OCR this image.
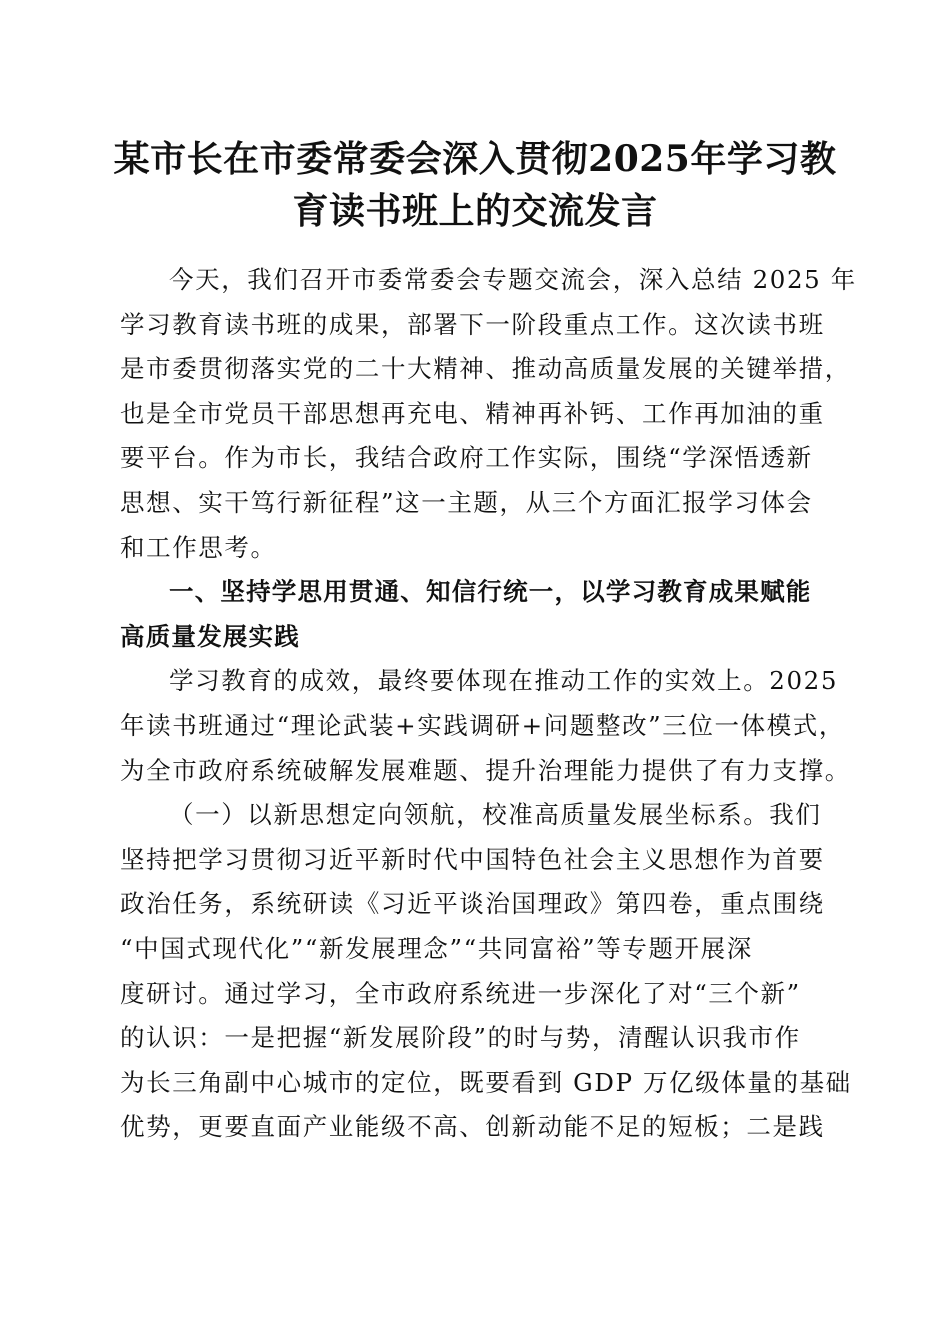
某市长在市委常委会深入贯彻2025年学习教
育读书班上的交流发言
今天，我们召开市委常委会专题交流会，深入总结 2025 年
学习教育读书班的成果，部署下一阶段重点工作。这次读书班
是市委贯彻落实党的二十大精神、推动高质量发展的关键举措，
也是全市党员干部思想再充电、精神再补钙、工作再加油的重
要平台。作为市长，我结合政府工作实际，围绕“学深悟透新
思想、实干笃行新征程”这一主题，从三个方面汇报学习体会
和工作思考。
一、坚持学思用贯通、知信行统一，以学习教育成果赋能
高质量发展实践
学习教育的成效，最终要体现在推动工作的实效上。2025
年读书班通过“理论武装+实践调研+问题整改”三位一体模式，
为全市政府系统破解发展难题、提升治理能力提供了有力支撑。
（一）以新思想定向领航，校准高质量发展坐标系。我们
坚持把学习贯彻习近平新时代中国特色社会主义思想作为首要
政治任务，系统研读《习近平谈治国理政》第四卷，重点围绕
“中国式现代化”“新发展理念”“共同富裕”等专题开展深
度研讨。通过学习，全市政府系统进一步深化了对“三个新”
的认识：一是把握“新发展阶段”的时与势，清醒认识我市作
为长三角副中心城市的定位，既要看到 GDP 万亿级体量的基础
优势，更要直面产业能级不高、创新动能不足的短板；二是践
